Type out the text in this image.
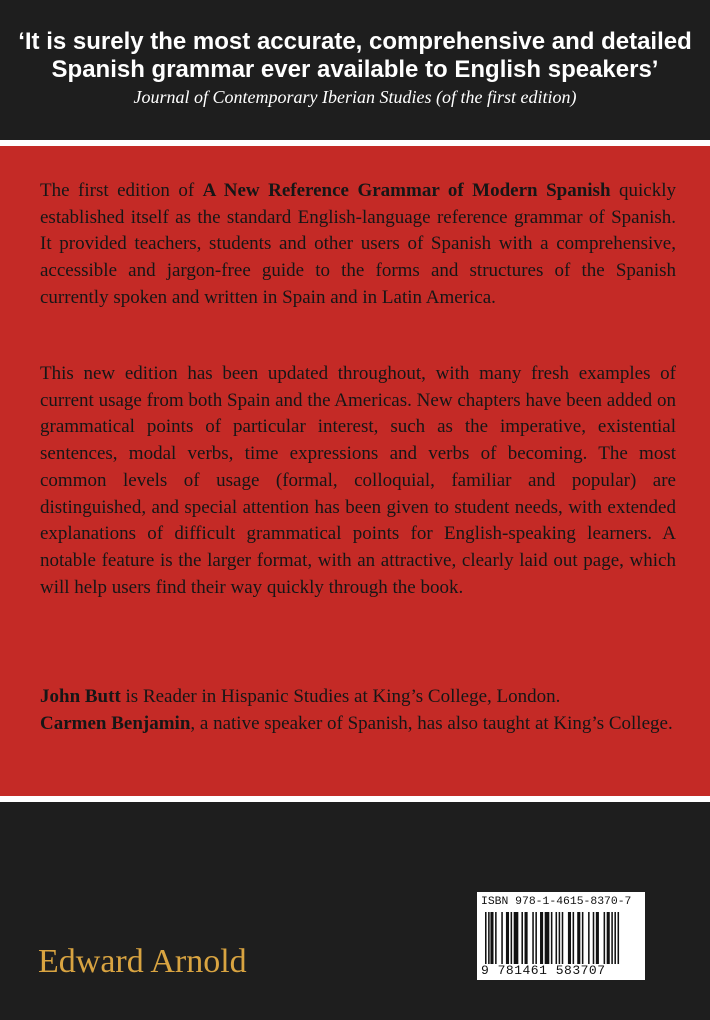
‘It is surely the most accurate, comprehensive and detailed
Spanish grammar ever available to English speakers’
Journal of Contemporary Iberian Studies (of the first edition)
The first edition of A New Reference Grammar of Modern Spanish quickly established itself as the standard English-language reference grammar of Spanish. It provided teachers, students and other users of Spanish with a comprehensive, accessible and jargon-free guide to the forms and structures of the Spanish currently spoken and written in Spain and in Latin America.
This new edition has been updated throughout, with many fresh examples of current usage from both Spain and the Americas. New chapters have been added on grammatical points of particular interest, such as the imperative, existential sentences, modal verbs, time expressions and verbs of becoming. The most common levels of usage (formal, colloquial, familiar and popular) are distinguished, and special attention has been given to student needs, with extended explanations of difficult grammatical points for English-speaking learners. A notable feature is the larger format, with an attractive, clearly laid out page, which will help users find their way quickly through the book.
John Butt is Reader in Hispanic Studies at King’s College, London.
Carmen Benjamin, a native speaker of Spanish, has also taught at King’s College.
Edward Arnold
ISBN 978-1-4615-8370-7
9 781461 583707
